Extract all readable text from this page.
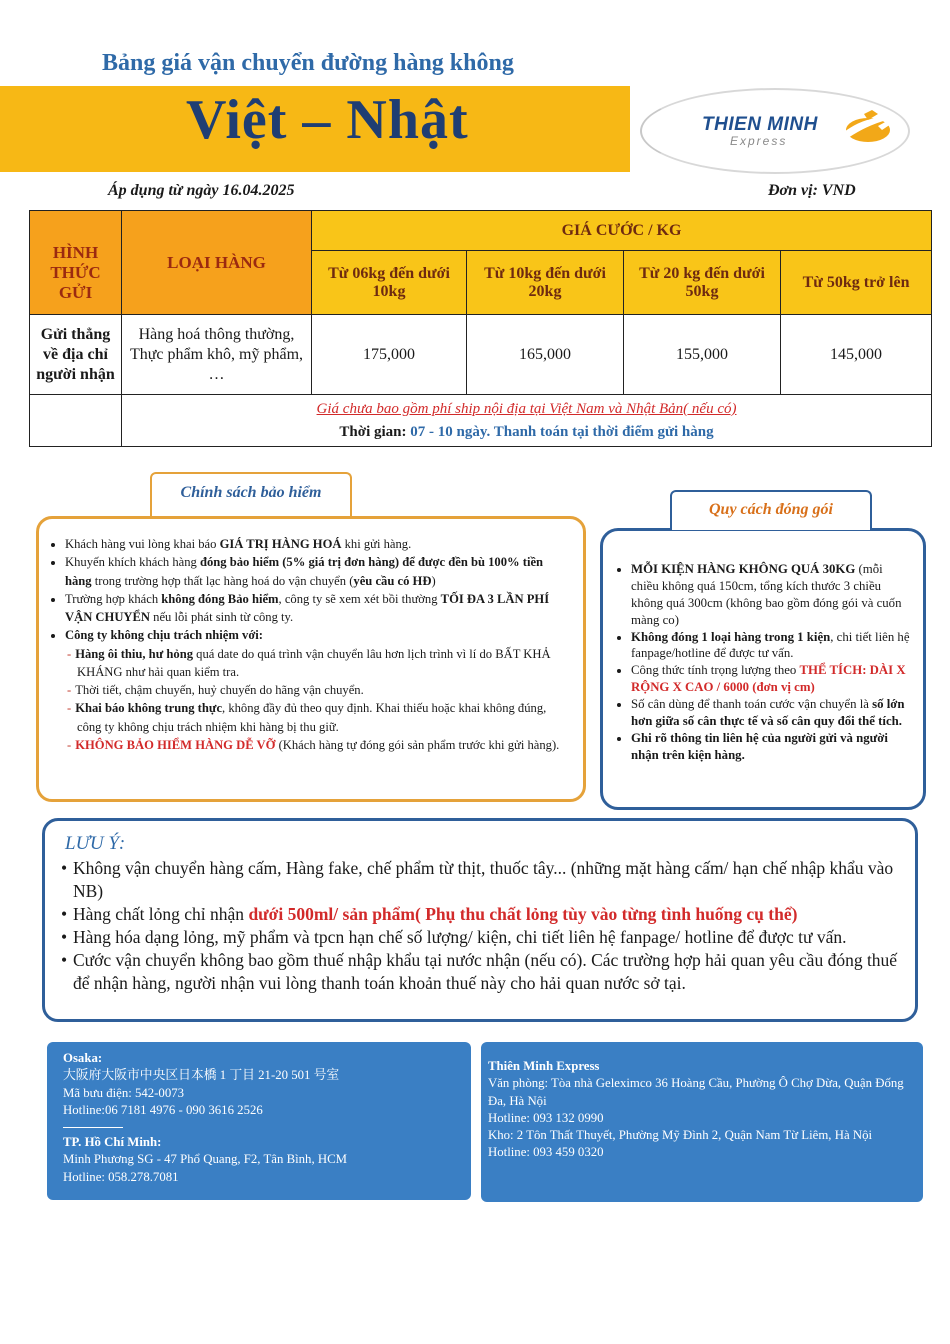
Bảng giá vận chuyển đường hàng không
Việt – Nhật	THIEN MINH
Express
Áp dụng từ ngày 16.04.2025	Đơn vị: VND
HÌNH THỨC GỬI	LOẠI HÀNG	GIÁ CƯỚC / KG			
		Từ 06kg đến dưới 10kg	Từ 10kg đến dưới 20kg	Từ 20 kg đến dưới 50kg	Từ 50kg trở lên
Gửi thẳng về địa chỉ người nhận	Hàng hoá thông thường, Thực phẩm khô, mỹ phẩm, …	175,000	165,000	155,000	145,000

	Giá chưa bao gồm phí ship nội địa tại Việt Nam và Nhật Bản( nếu có)
Thời gian: 07 - 10 ngày. Thanh toán tại thời điểm gửi hàng				
• Khách hàng vui lòng khai báo GIÁ TRỊ HÀNG HOÁ khi gửi hàng.
• Khuyến khích khách hàng đóng bảo hiểm (5% giá trị đơn hàng) để được đền bù 100% tiền hàng trong trường hợp thất lạc hàng hoá do vận chuyển (yêu cầu có HĐ)
• Trường hợp khách không đóng Bảo hiểm, công ty sẽ xem xét bồi thường TỐI ĐA 3 LẦN PHÍ VẬN CHUYỂN nếu lỗi phát sinh từ công ty.
• Công ty không chịu trách nhiệm với:
- Hàng ôi thiu, hư hỏng quá date do quá trình vận chuyển lâu hơn lịch trình vì lí do BẤT KHẢ KHÁNG như hải quan kiểm tra.
- Thời tiết, chậm chuyến, huỷ chuyến do hãng vận chuyển.
- Khai báo không trung thực, không đầy đủ theo quy định. Khai thiếu hoặc khai không đúng, công ty không chịu trách nhiệm khi hàng bị thu giữ.
- KHÔNG BẢO HIỂM HÀNG DỄ VỠ (Khách hàng tự đóng gói sản phẩm trước khi gửi hàng).
Chính sách bảo hiểm
• MỖI KIỆN HÀNG KHÔNG QUÁ 30KG (mỗi chiều không quá 150cm, tổng kích thước 3 chiều không quá 300cm (không bao gồm đóng gói và cuốn màng co)
• Không đóng 1 loại hàng trong 1 kiện, chi tiết liên hệ fanpage/hotline để được tư vấn.
• Công thức tính trọng lượng theo THỂ TÍCH: DÀI X RỘNG X CAO / 6000 (đơn vị cm)
• Số cân dùng để thanh toán cước vận chuyển là số lớn hơn giữa số cân thực tế và số cân quy đổi thể tích.
• Ghi rõ thông tin liên hệ của người gửi và người nhận trên kiện hàng.
Quy cách đóng gói
LƯU Ý:
• Không vận chuyển hàng cấm, Hàng fake, chế phẩm từ thịt, thuốc tây... (những mặt hàng cấm/ hạn chế nhập khẩu vào NB)
• Hàng chất lỏng chỉ nhận dưới 500ml/ sản phẩm( Phụ thu chất lỏng tùy vào từng tình huống cụ thể)
• Hàng hóa dạng lỏng, mỹ phẩm và tpcn hạn chế số lượng/ kiện, chi tiết liên hệ fanpage/ hotline để được tư vấn.
• Cước vận chuyển không bao gồm thuế nhập khẩu tại nước nhận (nếu có). Các trường hợp hải quan yêu cầu đóng thuế để nhận hàng, người nhận vui lòng thanh toán khoản thuế này cho hải quan nước sở tại.
Osaka:
大阪府大阪市中央区日本橋 1 丁目 21-20 501 号室
Mã bưu điện: 542-0073
Hotline:06 7181 4976 - 090 3616 2526
TP. Hồ Chí Minh:
Minh Phương SG - 47 Phổ Quang, F2, Tân Bình, HCM
Hotline: 058.278.7081
Thiên Minh Express
Văn phòng: Tòa nhà Geleximco 36 Hoàng Cầu, Phường Ô Chợ Dừa, Quận Đống Đa, Hà Nội
Hotline: 093 132 0990
Kho: 2 Tôn Thất Thuyết, Phường Mỹ Đình 2, Quận Nam Từ Liêm, Hà Nội
Hotline: 093 459 0320
